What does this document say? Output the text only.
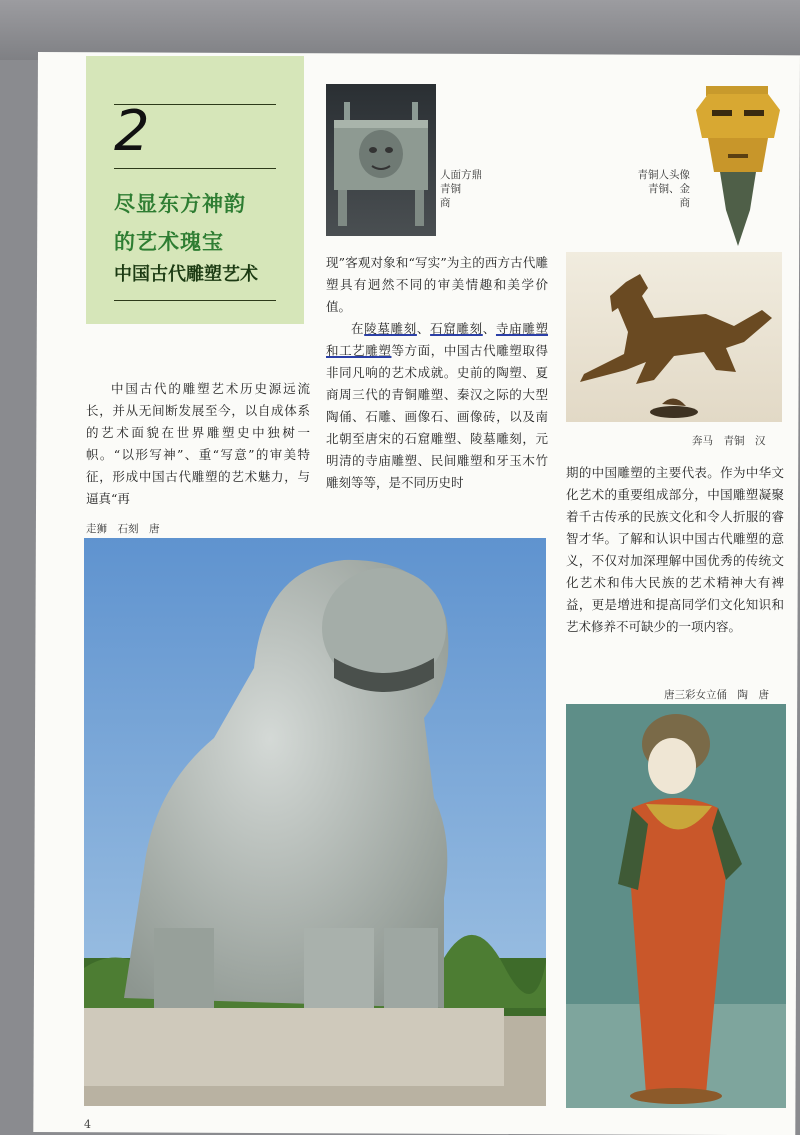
2
尽显东方神韵
的艺术瑰宝
中国古代雕塑艺术
人面方鼎
青铜
商
青铜人头像
青铜、金
商

现”客观对象和“写实”为主的西方古代雕塑具有迥然不同的审美情趣和美学价值。

在陵墓雕刻、石窟雕刻、寺庙雕塑和工艺雕塑等方面，中国古代雕塑取得非同凡响的艺术成就。史前的陶塑、夏商周三代的青铜雕塑、秦汉之际的大型陶俑、石雕、画像石、画像砖，以及南北朝至唐宋的石窟雕塑、陵墓雕刻，元明清的寺庙雕塑、民间雕塑和牙玉木竹雕刻等等，是不同历史时

奔马　青铜　汉

中国古代的雕塑艺术历史源远流长，并从无间断发展至今，以自成体系的艺术面貌在世界雕塑史中独树一帜。“以形写神”、重“写意”的审美特征，形成中国古代雕塑的艺术魅力，与逼真“再

期的中国雕塑的主要代表。作为中华文化艺术的重要组成部分，中国雕塑凝聚着千古传承的民族文化和令人折服的睿智才华。了解和认识中国古代雕塑的意义，不仅对加深理解中国优秀的传统文化艺术和伟大民族的艺术精神大有裨益，更是增进和提高同学们文化知识和艺术修养不可缺少的一项内容。

走狮　石刻　唐
唐三彩女立俑　陶　唐
4
